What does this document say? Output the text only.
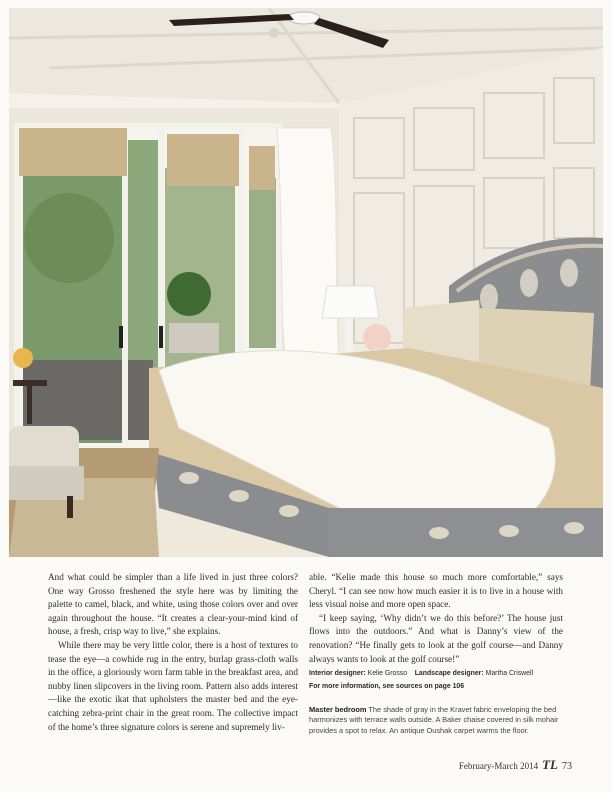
And what could be simpler than a life lived in just three colors? One way Grosso freshened the style here was by limiting the palette to camel, black, and white, using those colors over and over again throughout the house. “It creates a clear-your-mind kind of house, a fresh, crisp way to live,” she explains.

While there may be very little color, there is a host of textures to tease the eye—a cowhide rug in the entry, burlap grass-cloth walls in the office, a gloriously worn farm table in the breakfast area, and nubby linen slipcovers in the living room. Pattern also adds interest—like the exotic ikat that upholsters the master bed and the eye-catching zebra-print chair in the great room. The collective impact of the home’s three signature colors is serene and supremely liv-

able. “Kelie made this house so much more comfortable,” says Cheryl. “I can see now how much easier it is to live in a house with less visual noise and more open space.

“I keep saying, ‘Why didn’t we do this before?’ The house just flows into the outdoors.” And what is Danny’s view of the renovation? “He finally gets to look at the golf course—and Danny always wants to look at the golf course!”

Interior designer: Kelie Grosso Landscape designer: Martha Criswell
For more information, see sources on page 106
Master bedroom The shade of gray in the Kravet fabric enveloping the bed harmonizes with terrace walls outside. A Baker chaise covered in silk mohair provides a spot to relax. An antique Oushak carpet warms the floor.
February-March 2014 TL 73
